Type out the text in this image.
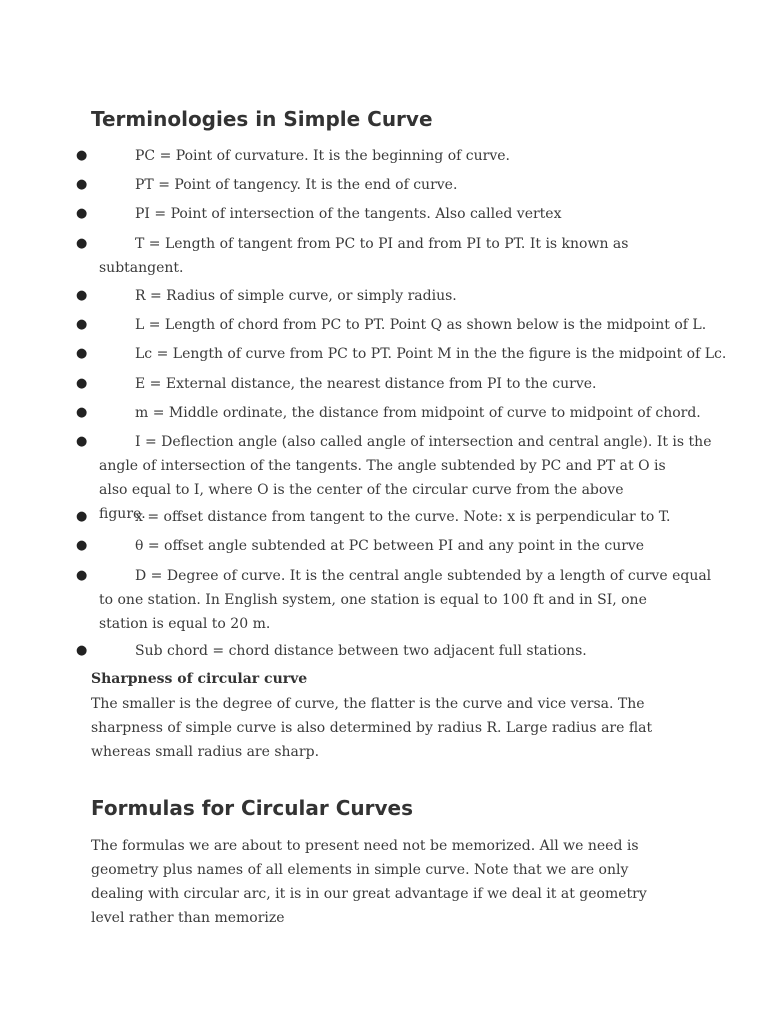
Terminologies in Simple Curve
●	PC = Point of curvature. It is the beginning of curve.
●	PT = Point of tangency. It is the end of curve.
●	PI = Point of intersection of the tangents. Also called vertex
●	T = Length of tangent from PC to PI and from PI to PT. It is known as
subtangent.
●	R = Radius of simple curve, or simply radius.
●	L = Length of chord from PC to PT. Point Q as shown below is the midpoint of L.
●	Lc = Length of curve from PC to PT. Point M in the the figure is the midpoint of Lc.
●	E = External distance, the nearest distance from PI to the curve.
●	m = Middle ordinate, the distance from midpoint of curve to midpoint of chord.
●	I = Deflection angle (also called angle of intersection and central angle). It is the
angle of intersection of the tangents. The angle subtended by PC and PT at O is also equal to I, where O is the center of the circular curve from the above figure.
●	x = offset distance from tangent to the curve. Note: x is perpendicular to T.
●	θ = offset angle subtended at PC between PI and any point in the curve
●	D = Degree of curve. It is the central angle subtended by a length of curve equal
to one station. In English system, one station is equal to 100 ft and in SI, one station is equal to 20 m.
●	Sub chord = chord distance between two adjacent full stations.
Sharpness of circular curve

The smaller is the degree of curve, the flatter is the curve and vice versa. The sharpness of simple curve is also determined by radius R. Large radius are flat whereas small radius are sharp.

Formulas for Circular Curves

The formulas we are about to present need not be memorized. All we need is geometry plus names of all elements in simple curve. Note that we are only dealing with circular arc, it is in our great advantage if we deal it at geometry level rather than memorize
